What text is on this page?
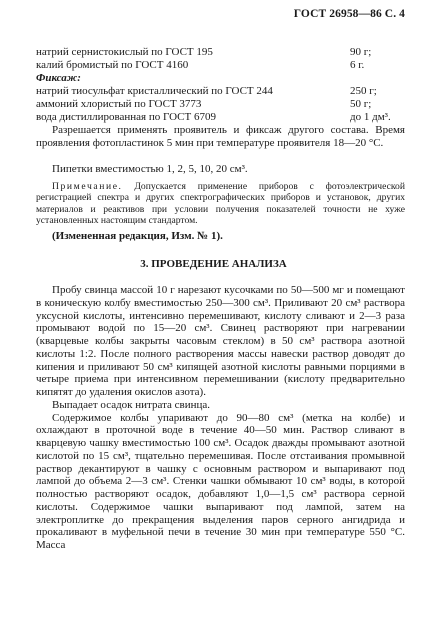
ГОСТ 26958—86 С. 4
натрий сернистокислый по ГОСТ 195	90 г;
калий бромистый по ГОСТ 4160	6 г.
Фиксаж:
натрий тиосульфат кристаллический по ГОСТ 244	250 г;
аммоний хлористый по ГОСТ 3773	50 г;
вода дистиллированная по ГОСТ 6709	до 1 дм³.
Разрешается применять проявитель и фиксаж другого состава. Время проявления фотопластинок 5 мин при температуре проявителя 18—20 °С.
Пипетки вместимостью 1, 2, 5, 10, 20 см³.
Примечание. Допускается применение приборов с фотоэлектрической регистрацией спектра и других спектрографических приборов и установок, других материалов и реактивов при условии получения показателей точности не хуже установленных настоящим стандартом.
(Измененная редакция, Изм. № 1).
3. ПРОВЕДЕНИЕ АНАЛИЗА

Пробу свинца массой 10 г нарезают кусочками по 50—500 мг и помещают в коническую колбу вместимостью 250—300 см³. Приливают 20 см³ раствора уксусной кислоты, интенсивно перемешивают, кислоту сливают и 2—3 раза промывают водой по 15—20 см³. Свинец растворяют при нагревании (кварцевые колбы закрыты часовым стеклом) в 50 см³ раствора азотной кислоты 1:2. После полного растворения массы навески раствор доводят до кипения и приливают 50 см³ кипящей азотной кислоты равными порциями в четыре приема при интенсивном перемешивании (кислоту предварительно кипятят до удаления окислов азота).

Выпадает осадок нитрата свинца.

Содержимое колбы упаривают до 90—80 см³ (метка на колбе) и охлаждают в проточной воде в течение 40—50 мин. Раствор сливают в кварцевую чашку вместимостью 100 см³. Осадок дважды промывают азотной кислотой по 15 см³, тщательно перемешивая. После отстаивания промывной раствор декантируют в чашку с основным раствором и выпаривают под лампой до объема 2—3 см³. Стенки чашки обмывают 10 см³ воды, в которой полностью растворяют осадок, добавляют 1,0—1,5 см³ раствора серной кислоты. Содержимое чашки выпаривают под лампой, затем на электроплитке до прекращения выделения паров серного ангидрида и прокаливают в муфельной печи в течение 30 мин при температуре 550 °С. Масса
